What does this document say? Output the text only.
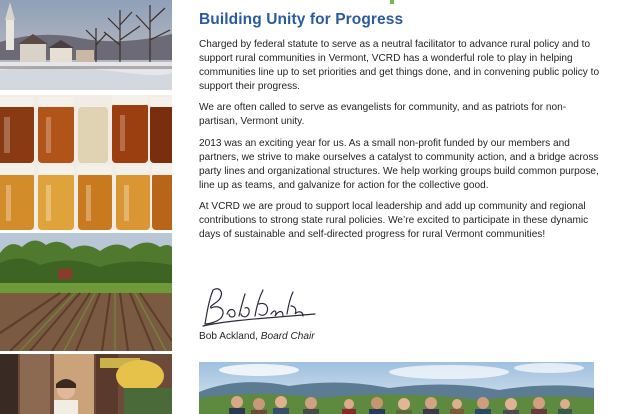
Building Unity for Progress

Charged by federal statute to serve as a neutral facilitator to advance rural policy and to support rural communities in Vermont, VCRD has a wonderful role to play in helping communities line up to set priorities and get things done, and in convening public policy to support their progress.

We are often called to serve as evangelists for community, and as patriots for non-partisan, Vermont unity.

2013 was an exciting year for us. As a small non-profit funded by our members and partners, we strive to make ourselves a catalyst to community action, and a bridge across party lines and organizational structures. We help working groups build common purpose, line up as teams, and galvanize for action for the collective good.

At VCRD we are proud to support local leadership and add up community and regional contributions to strong state rural policies. We’re excited to participate in these dynamic days of sustainable and self-directed progress for rural Vermont communities!

Bob Ackland, Board Chair
